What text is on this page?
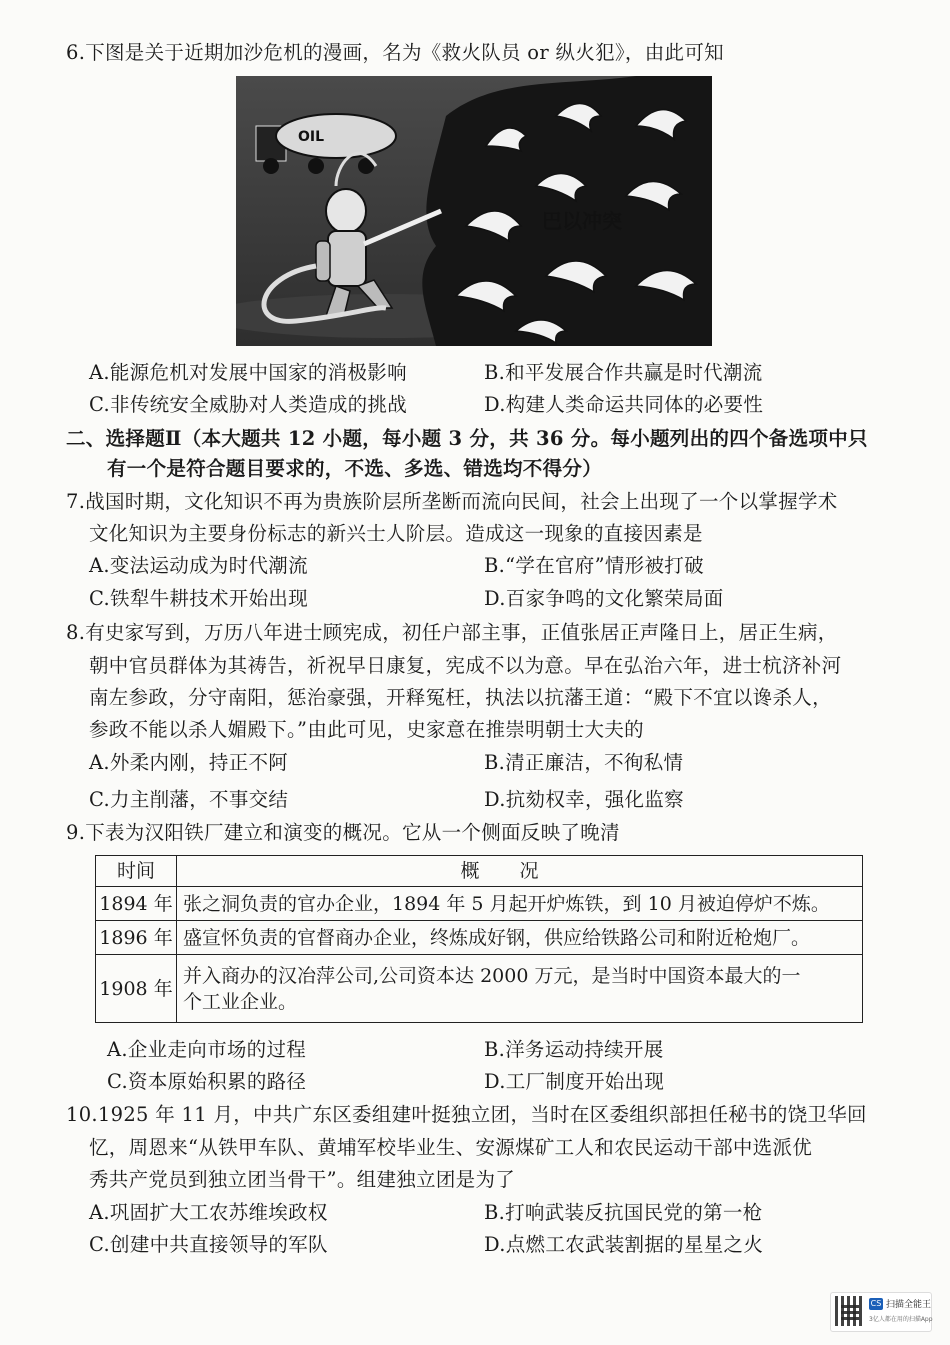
6.下图是关于近期加沙危机的漫画，名为《救火队员 or 纵火犯》，由此可知
巴以冲突
OIL
A.能源危机对发展中国家的消极影响	B.和平发展合作共赢是时代潮流
C.非传统安全威胁对人类造成的挑战	D.构建人类命运共同体的必要性
二、选择题Ⅱ（本大题共 12 小题，每小题 3 分，共 36 分。每小题列出的四个备选项中只
有一个是符合题目要求的，不选、多选、错选均不得分）
7.战国时期，文化知识不再为贵族阶层所垄断而流向民间，社会上出现了一个以掌握学术
文化知识为主要身份标志的新兴士人阶层。造成这一现象的直接因素是
A.变法运动成为时代潮流	B.“学在官府”情形被打破
C.铁犁牛耕技术开始出现	D.百家争鸣的文化繁荣局面
8.有史家写到，万历八年进士顾宪成，初任户部主事，正值张居正声隆日上，居正生病，
朝中官员群体为其祷告，祈祝早日康复，宪成不以为意。早在弘治六年，进士杭济补河
南左参政，分守南阳，惩治豪强，开释冤枉，执法以抗藩王道：“殿下不宜以谗杀人，
参政不能以杀人媚殿下。”由此可见，史家意在推崇明朝士大夫的
A.外柔内刚，持正不阿	B.清正廉洁，不徇私情
C.力主削藩，不事交结	D.抗劾权幸，强化监察
9.下表为汉阳铁厂建立和演变的概况。它从一个侧面反映了晚清
时间	概况
1894 年	张之洞负责的官办企业，1894 年 5 月起开炉炼铁，到 10 月被迫停炉不炼。
1896 年	盛宣怀负责的官督商办企业，终炼成好钢，供应给铁路公司和附近枪炮厂。
1908 年	并入商办的汉冶萍公司,公司资本达 2000 万元，是当时中国资本最大的一
个工业企业。
A.企业走向市场的过程	B.洋务运动持续开展
C.资本原始积累的路径	D.工厂制度开始出现
10.1925 年 11 月，中共广东区委组建叶挺独立团，当时在区委组织部担任秘书的饶卫华回
忆，周恩来“从铁甲车队、黄埔军校毕业生、安源煤矿工人和农民运动干部中选派优
秀共产党员到独立团当骨干”。组建独立团是为了
A.巩固扩大工农苏维埃政权	B.打响武装反抗国民党的第一枪
C.创建中共直接领导的军队	D.点燃工农武装割据的星星之火
CS 扫描全能王
3亿人都在用的扫描App
